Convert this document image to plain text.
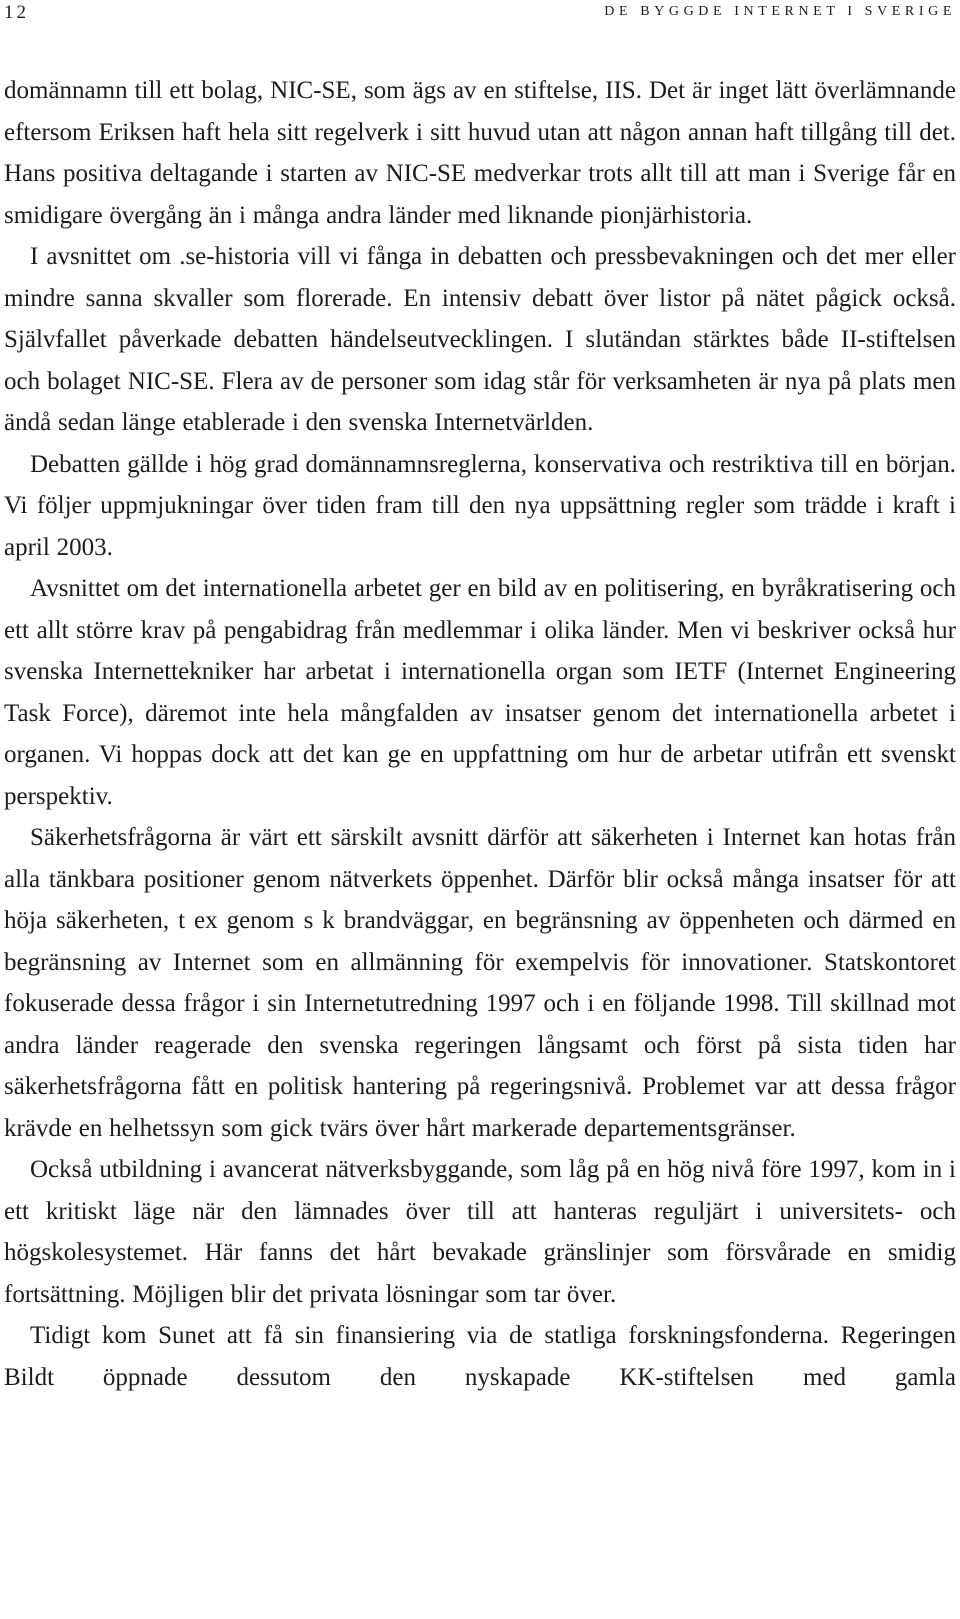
12	DE BYGGDE INTERNET I SVERIGE

domännamn till ett bolag, NIC-SE, som ägs av en stiftelse, IIS. Det är inget lätt överlämnande eftersom Eriksen haft hela sitt regelverk i sitt huvud utan att någon annan haft tillgång till det. Hans positiva deltagande i starten av NIC-SE medverkar trots allt till att man i Sverige får en smidigare övergång än i många andra länder med liknande pionjärhistoria.

I avsnittet om .se-historia vill vi fånga in debatten och pressbevakningen och det mer eller mindre sanna skvaller som florerade. En intensiv debatt över listor på nätet pågick också. Självfallet påverkade debatten händelseutvecklingen. I slutändan stärktes både II-stiftelsen och bolaget NIC-SE. Flera av de personer som idag står för verksamheten är nya på plats men ändå sedan länge etablerade i den svenska Internetvärlden.

Debatten gällde i hög grad domännamnsreglerna, konservativa och restriktiva till en början. Vi följer uppmjukningar över tiden fram till den nya uppsättning regler som trädde i kraft i april 2003.

Avsnittet om det internationella arbetet ger en bild av en politisering, en byråkratisering och ett allt större krav på pengabidrag från medlemmar i olika länder. Men vi beskriver också hur svenska Internettekniker har arbetat i internationella organ som IETF (Internet Engineering Task Force), däremot inte hela mångfalden av insatser genom det internationella arbetet i organen. Vi hoppas dock att det kan ge en uppfattning om hur de arbetar utifrån ett svenskt perspektiv.

Säkerhetsfrågorna är värt ett särskilt avsnitt därför att säkerheten i Internet kan hotas från alla tänkbara positioner genom nätverkets öppenhet. Därför blir också många insatser för att höja säkerheten, t ex genom s k brandväggar, en begränsning av öppenheten och därmed en begränsning av Internet som en allmänning för exempelvis för innovationer. Statskontoret fokuserade dessa frågor i sin Internetutredning 1997 och i en följande 1998. Till skillnad mot andra länder reagerade den svenska regeringen långsamt och först på sista tiden har säkerhetsfrågorna fått en politisk hantering på regeringsnivå. Problemet var att dessa frågor krävde en helhetssyn som gick tvärs över hårt markerade departementsgränser.

Också utbildning i avancerat nätverksbyggande, som låg på en hög nivå före 1997, kom in i ett kritiskt läge när den lämnades över till att hanteras reguljärt i universitets- och högskolesystemet. Här fanns det hårt bevakade gränslinjer som försvårade en smidig fortsättning. Möjligen blir det privata lösningar som tar över.

Tidigt kom Sunet att få sin finansiering via de statliga forskningsfonderna. Regeringen Bildt öppnade dessutom den nyskapade KK-stiftelsen med gamla
